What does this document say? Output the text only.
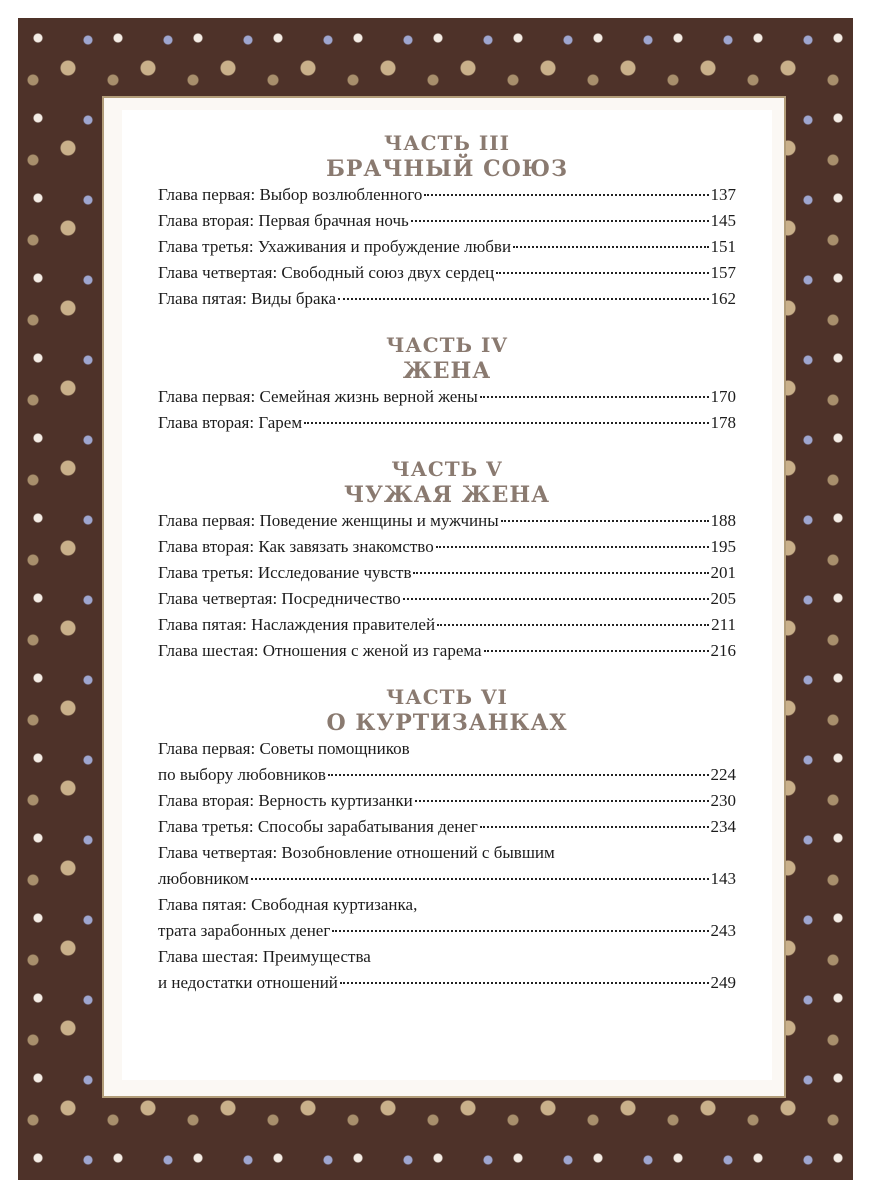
ЧАСТЬ III
БРАЧНЫЙ СОЮЗ
Глава первая: Выбор возлюбленного	137
Глава вторая: Первая брачная ночь	145
Глава третья: Ухаживания и пробуждение любви	151
Глава четвертая: Свободный союз двух сердец	157
Глава пятая: Виды брака	162
ЧАСТЬ IV
ЖЕНА
Глава первая: Семейная жизнь верной жены	170
Глава вторая: Гарем	178
ЧАСТЬ V
ЧУЖАЯ ЖЕНА
Глава первая: Поведение женщины и мужчины	188
Глава вторая: Как завязать знакомство	195
Глава третья: Исследование чувств	201
Глава четвертая: Посредничество	205
Глава пятая: Наслаждения правителей	211
Глава шестая: Отношения с женой из гарема	216
ЧАСТЬ VI
О КУРТИЗАНКАХ
Глава первая: Советы помощников
по выбору любовников	224
Глава вторая: Верность куртизанки	230
Глава третья: Способы зарабатывания денег	234
Глава четвертая: Возобновление отношений с бывшим
любовником	143
Глава пятая: Свободная куртизанка,
трата зарабонных денег	243
Глава шестая: Преимущества
и недостатки отношений	249
